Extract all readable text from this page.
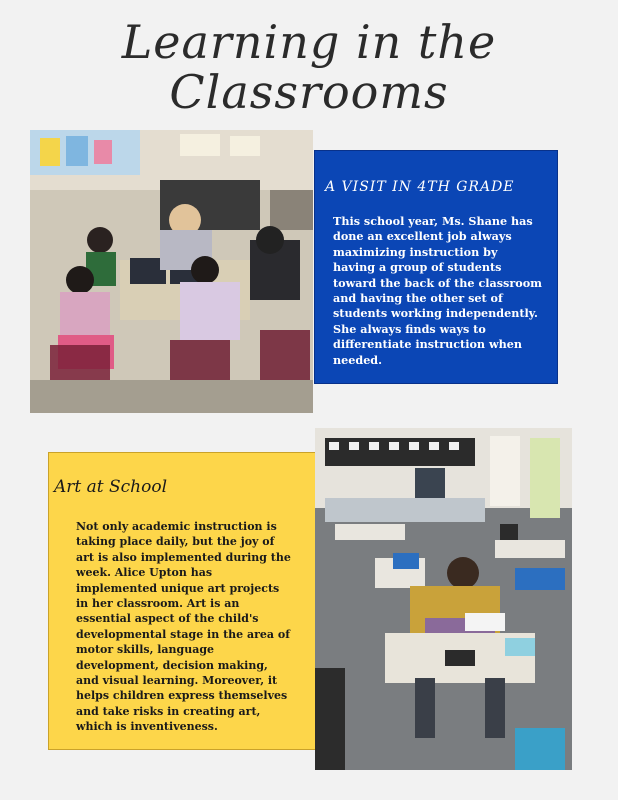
Learning in the
Classrooms
A VISIT IN 4TH GRADE
This school year, Ms. Shane has done an excellent job always maximizing instruction by having a group of students toward the back of the classroom and having the other set of students working independently. She always finds ways to differentiate instruction when needed.
Art at School
Not only academic instruction is taking place daily, but the joy of art is also implemented during the week. Alice Upton has implemented unique art projects in her classroom. Art is an essential aspect of the child's developmental stage in the area of motor skills, language development, decision making, and visual learning. Moreover, it helps children express themselves and take risks in creating art, which is inventiveness.
